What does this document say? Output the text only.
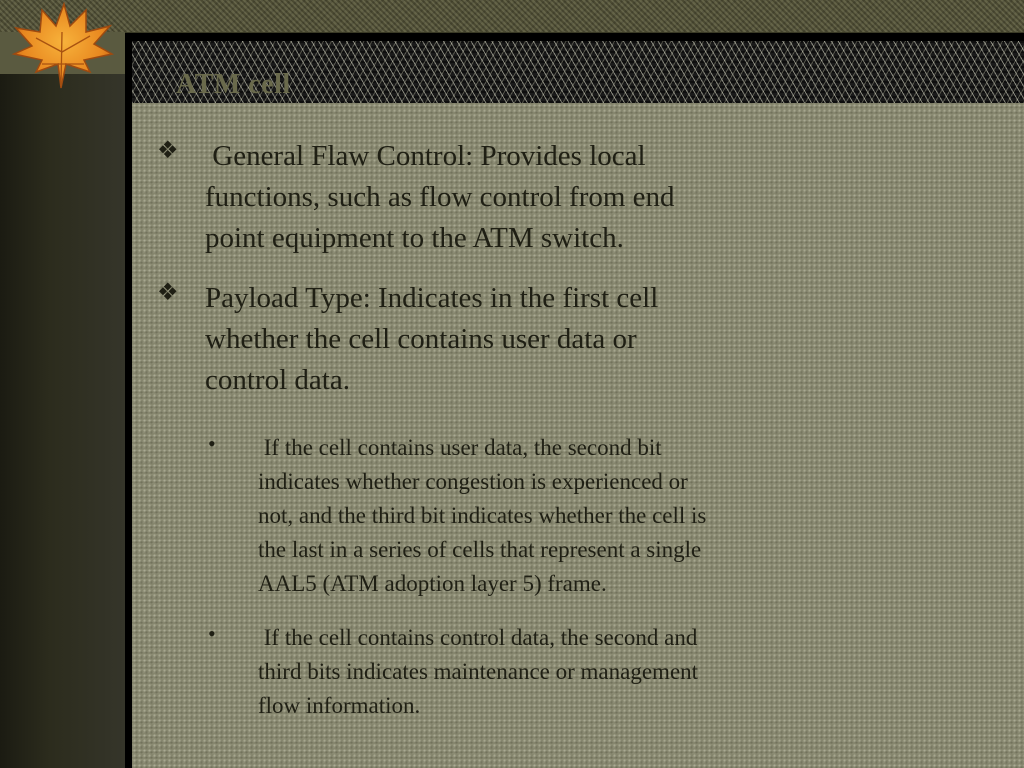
ATM cell
❖ General Flaw Control: Provides local
functions, such as flow control from end
point equipment to the ATM switch.
❖ Payload Type: Indicates in the first cell
whether the cell contains user data or
control data.
• If the cell contains user data, the second bit
indicates whether congestion is experienced or
not, and the third bit indicates whether the cell is
the last in a series of cells that represent a single
AAL5 (ATM adoption layer 5) frame.
• If the cell contains control data, the second and
third bits indicates maintenance or management
flow information.
